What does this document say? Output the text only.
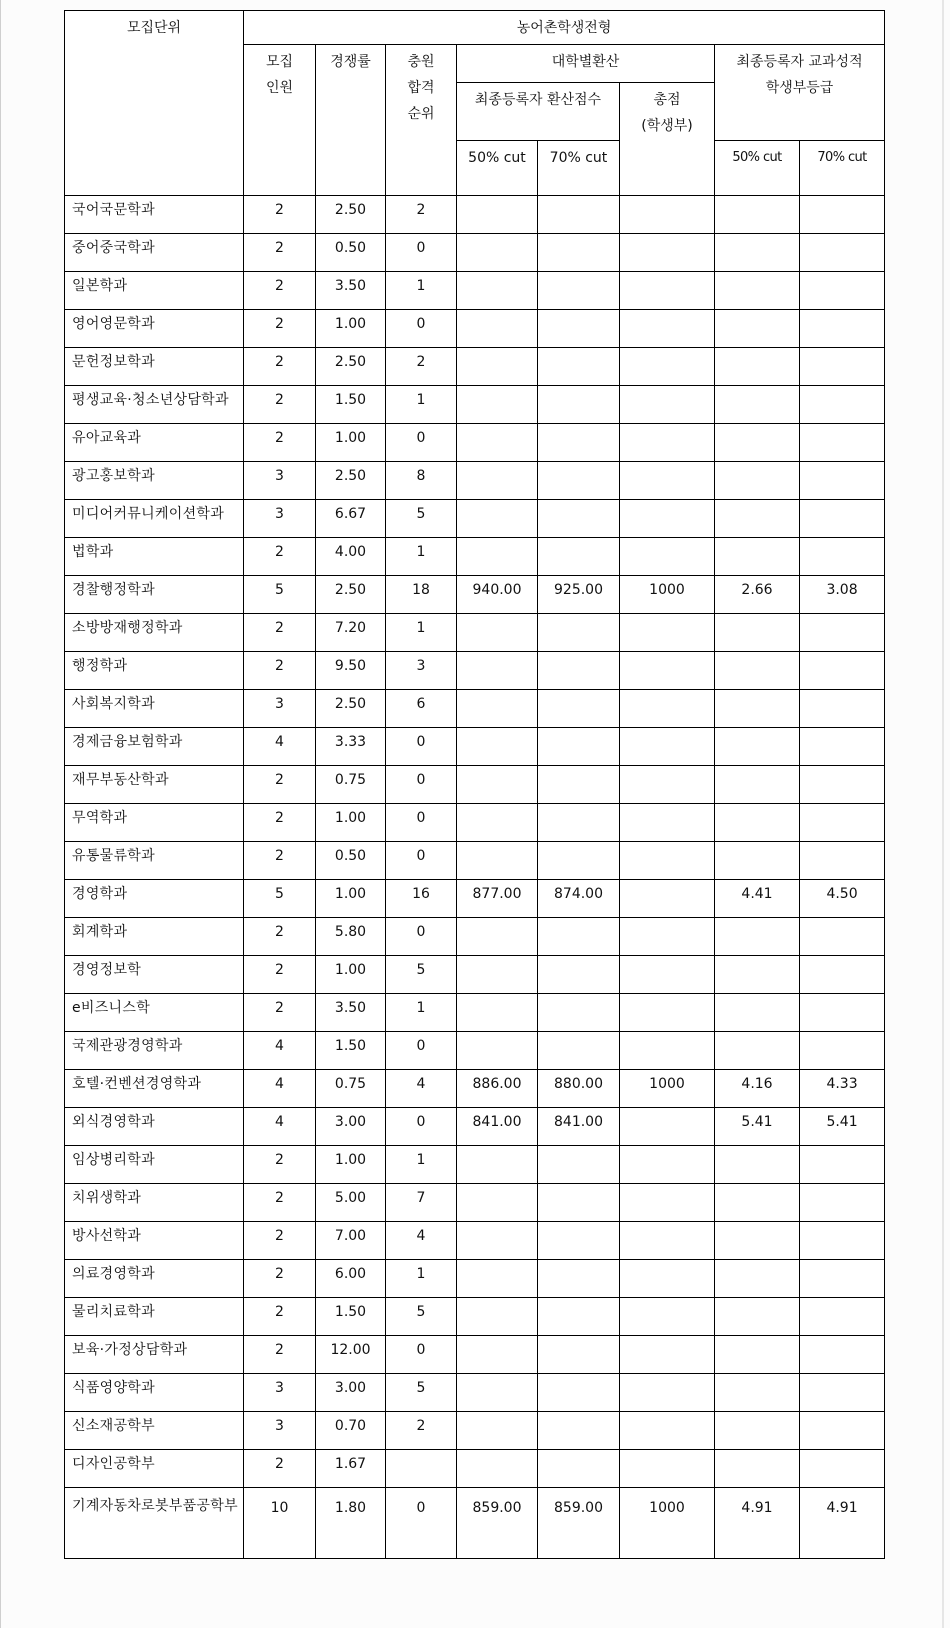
모집단위	농어촌학생전형							

모집
인원
	경쟁률	충원
합격
순위
	대학별환산	최종등록자 교과성적
학생부등급

				최종등록자 환산점수		총점
(학생부)		

				50% cut	70% cut		50% cut	70% cut
국어국문학과	2	2.50	2					
중어중국학과	2	0.50	0					
일본학과	2	3.50	1					
영어영문학과	2	1.00	0					
문헌정보학과	2	2.50	2					
평생교육·청소년상담학과	2	1.50	1					
유아교육과	2	1.00	0					
광고홍보학과	3	2.50	8					
미디어커뮤니케이션학과	3	6.67	5					
법학과	2	4.00	1					
경찰행정학과	5	2.50	18	940.00	925.00	1000	2.66	3.08
소방방재행정학과	2	7.20	1					
행정학과	2	9.50	3					
사회복지학과	3	2.50	6					
경제금융보험학과	4	3.33	0					
재무부동산학과	2	0.75	0					
무역학과	2	1.00	0					
유통물류학과	2	0.50	0					
경영학과	5	1.00	16	877.00	874.00		4.41	4.50
회계학과	2	5.80	0					
경영정보학	2	1.00	5					
e비즈니스학	2	3.50	1					
국제관광경영학과	4	1.50	0					
호텔·컨벤션경영학과	4	0.75	4	886.00	880.00	1000	4.16	4.33
외식경영학과	4	3.00	0	841.00	841.00		5.41	5.41
임상병리학과	2	1.00	1					
치위생학과	2	5.00	7					
방사선학과	2	7.00	4					
의료경영학과	2	6.00	1					
물리치료학과	2	1.50	5					
보육·가정상담학과	2	12.00	0					
식품영양학과	3	3.00	5					
신소재공학부	3	0.70	2					
디자인공학부	2	1.67						
기계자동차로봇부품공학부	10	1.80	0	859.00	859.00	1000	4.91	4.91
